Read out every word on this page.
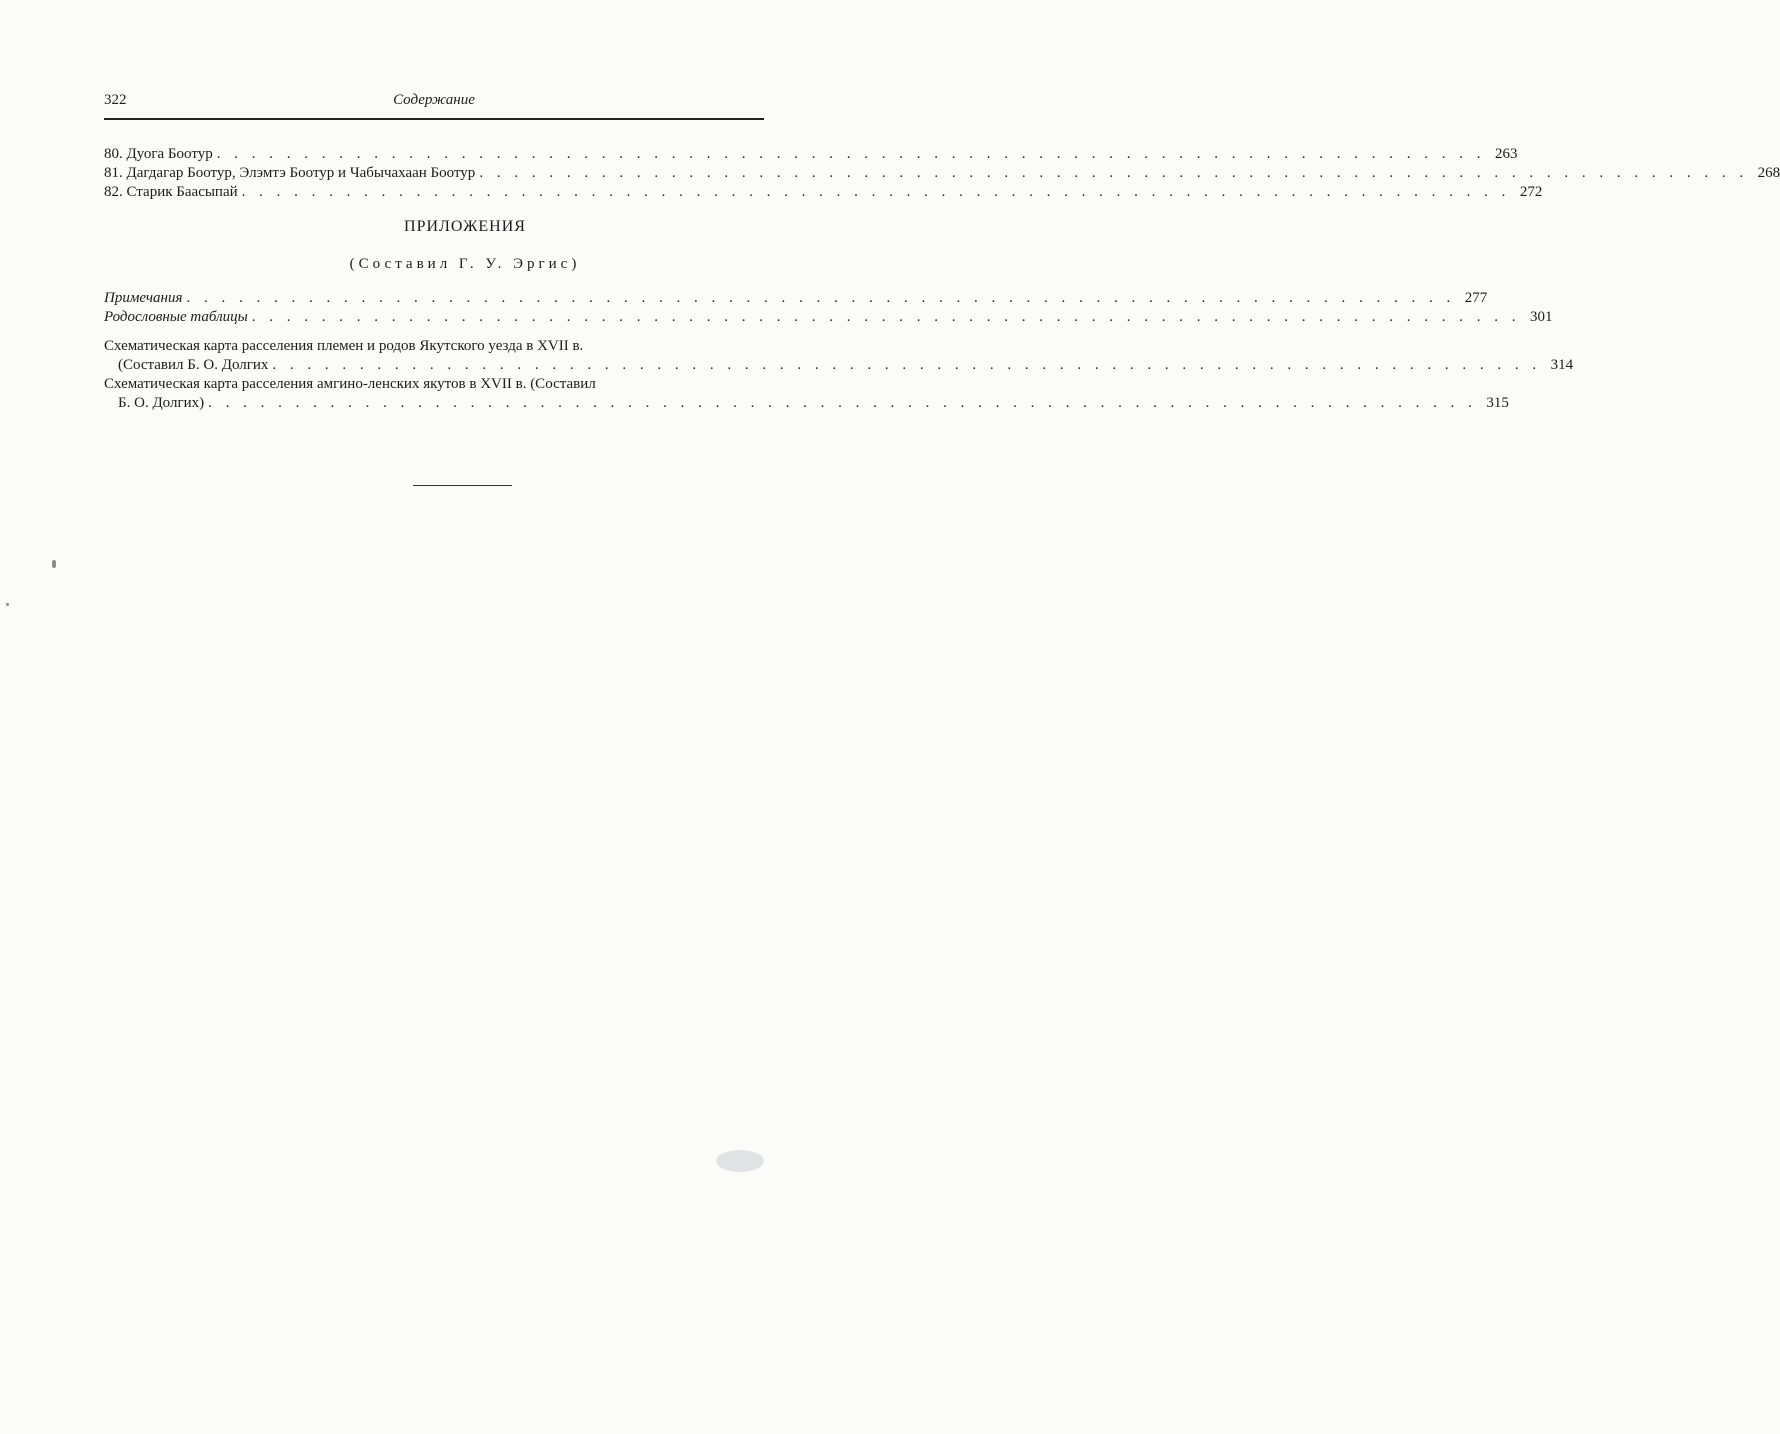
322	Содержание
80. Дуога Боотур . . . . . . . . . . . . . . . . . . . . . . . . . . . . . . . . . . . . . . . . . . . . . . . . . . . . . . . . . . . . . . . . . . . . . . . . . 263
81. Дагдагар Боотур, Элэмтэ Боотур и Чабычахаан Боотур . . . . . . . . . . . . . . . . . . . . . . . . . . . . . . . . . . . . . . . . . . . . . . . . . . . . . . . . . . . . . . . . . . . . . . . . . 268
82. Старик Баасыпай . . . . . . . . . . . . . . . . . . . . . . . . . . . . . . . . . . . . . . . . . . . . . . . . . . . . . . . . . . . . . . . . . . . . . . . . . 272
ПРИЛОЖЕНИЯ
(Составил Г. У. Эргис)
Примечания . . . . . . . . . . . . . . . . . . . . . . . . . . . . . . . . . . . . . . . . . . . . . . . . . . . . . . . . . . . . . . . . . . . . . . . . . 277
Родословные таблицы . . . . . . . . . . . . . . . . . . . . . . . . . . . . . . . . . . . . . . . . . . . . . . . . . . . . . . . . . . . . . . . . . . . . . . . . . 301
Схематическая карта расселения племен и родов Якутского уезда в XVII в.
(Составил Б. О. Долгих . . . . . . . . . . . . . . . . . . . . . . . . . . . . . . . . . . . . . . . . . . . . . . . . . . . . . . . . . . . . . . . . . . . . . . . . . 314
Схематическая карта расселения амгино-ленских якутов в XVII в. (Составил
Б. О. Долгих) . . . . . . . . . . . . . . . . . . . . . . . . . . . . . . . . . . . . . . . . . . . . . . . . . . . . . . . . . . . . . . . . . . . . . . . . . 315
